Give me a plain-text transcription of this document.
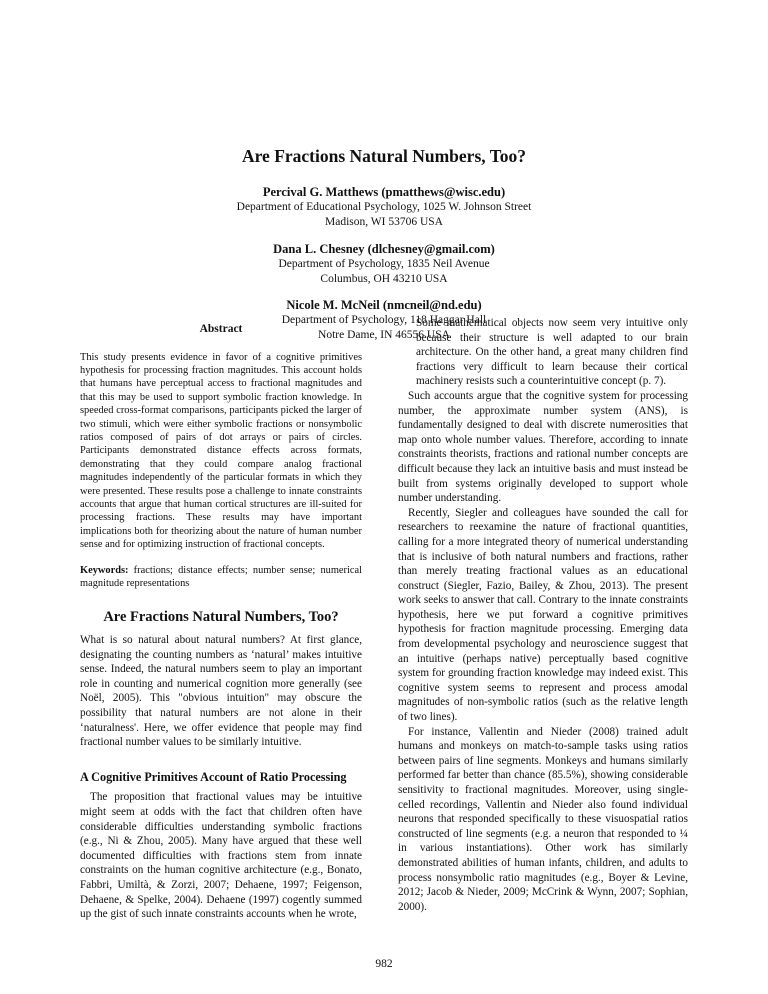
Are Fractions Natural Numbers, Too?
Percival G. Matthews (pmatthews@wisc.edu)
Department of Educational Psychology, 1025 W. Johnson Street
Madison, WI 53706 USA
Dana L. Chesney (dlchesney@gmail.com)
Department of Psychology, 1835 Neil Avenue
Columbus, OH 43210 USA
Abstract

This study presents evidence in favor of a cognitive primitives hypothesis for processing fraction magnitudes. This account holds that humans have perceptual access to fractional magnitudes and that this may be used to support symbolic fraction knowledge. In speeded cross-format comparisons, participants picked the larger of two stimuli, which were either symbolic fractions or nonsymbolic ratios composed of pairs of dot arrays or pairs of circles. Participants demonstrated distance effects across formats, demonstrating that they could compare analog fractional magnitudes independently of the particular formats in which they were presented. These results pose a challenge to innate constraints accounts that argue that human cortical structures are ill-suited for processing fractions. These results may have important implications both for theorizing about the nature of human number sense and for optimizing instruction of fractional concepts.

Keywords: fractions; distance effects; number sense; numerical magnitude representations

Are Fractions Natural Numbers, Too?

What is so natural about natural numbers? At first glance, designating the counting numbers as ‘natural’ makes intuitive sense. Indeed, the natural numbers seem to play an important role in counting and numerical cognition more generally (see Noël, 2005). This "obvious intuition" may obscure the possibility that natural numbers are not alone in their ‘naturalness'. Here, we offer evidence that people may find fractional number values to be similarly intuitive.

A Cognitive Primitives Account of Ratio Processing

The proposition that fractional values may be intuitive might seem at odds with the fact that children often have considerable difficulties understanding symbolic fractions (e.g., Ni & Zhou, 2005). Many have argued that these well documented difficulties with fractions stem from innate constraints on the human cognitive architecture (e.g., Bonato, Fabbri, Umiltà, & Zorzi, 2007; Dehaene, 1997; Feigenson, Dehaene, & Spelke, 2004). Dehaene (1997) cogently summed up the gist of such innate constraints accounts when he wrote,

Some mathematical objects now seem very intuitive only because their structure is well adapted to our brain architecture. On the other hand, a great many children find fractions very difficult to learn because their cortical machinery resists such a counterintuitive concept (p. 7).

Such accounts argue that the cognitive system for processing number, the approximate number system (ANS), is fundamentally designed to deal with discrete numerosities that map onto whole number values. Therefore, according to innate constraints theorists, fractions and rational number concepts are difficult because they lack an intuitive basis and must instead be built from systems originally developed to support whole number understanding.

Recently, Siegler and colleagues have sounded the call for researchers to reexamine the nature of fractional quantities, calling for a more integrated theory of numerical understanding that is inclusive of both natural numbers and fractions, rather than merely treating fractional values as an educational construct (Siegler, Fazio, Bailey, & Zhou, 2013). The present work seeks to answer that call. Contrary to the innate constraints hypothesis, here we put forward a cognitive primitives hypothesis for fraction magnitude processing. Emerging data from developmental psychology and neuroscience suggest that an intuitive (perhaps native) perceptually based cognitive system for grounding fraction knowledge may indeed exist. This cognitive system seems to represent and process amodal magnitudes of non-symbolic ratios (such as the relative length of two lines).

For instance, Vallentin and Nieder (2008) trained adult humans and monkeys on match-to-sample tasks using ratios between pairs of line segments. Monkeys and humans similarly performed far better than chance (85.5%), showing considerable sensitivity to fractional magnitudes. Moreover, using single-celled recordings, Vallentin and Nieder also found individual neurons that responded specifically to these visuospatial ratios constructed of line segments (e.g. a neuron that responded to ¼ in various instantiations). Other work has similarly demonstrated abilities of human infants, children, and adults to process nonsymbolic ratio magnitudes (e.g., Boyer & Levine, 2012; Jacob & Nieder, 2009; McCrink & Wynn, 2007; Sophian, 2000).

982
Nicole M. McNeil (nmcneil@nd.edu)
Department of Psychology, 118 Haggar Hall
Notre Dame, IN 46556 USA
